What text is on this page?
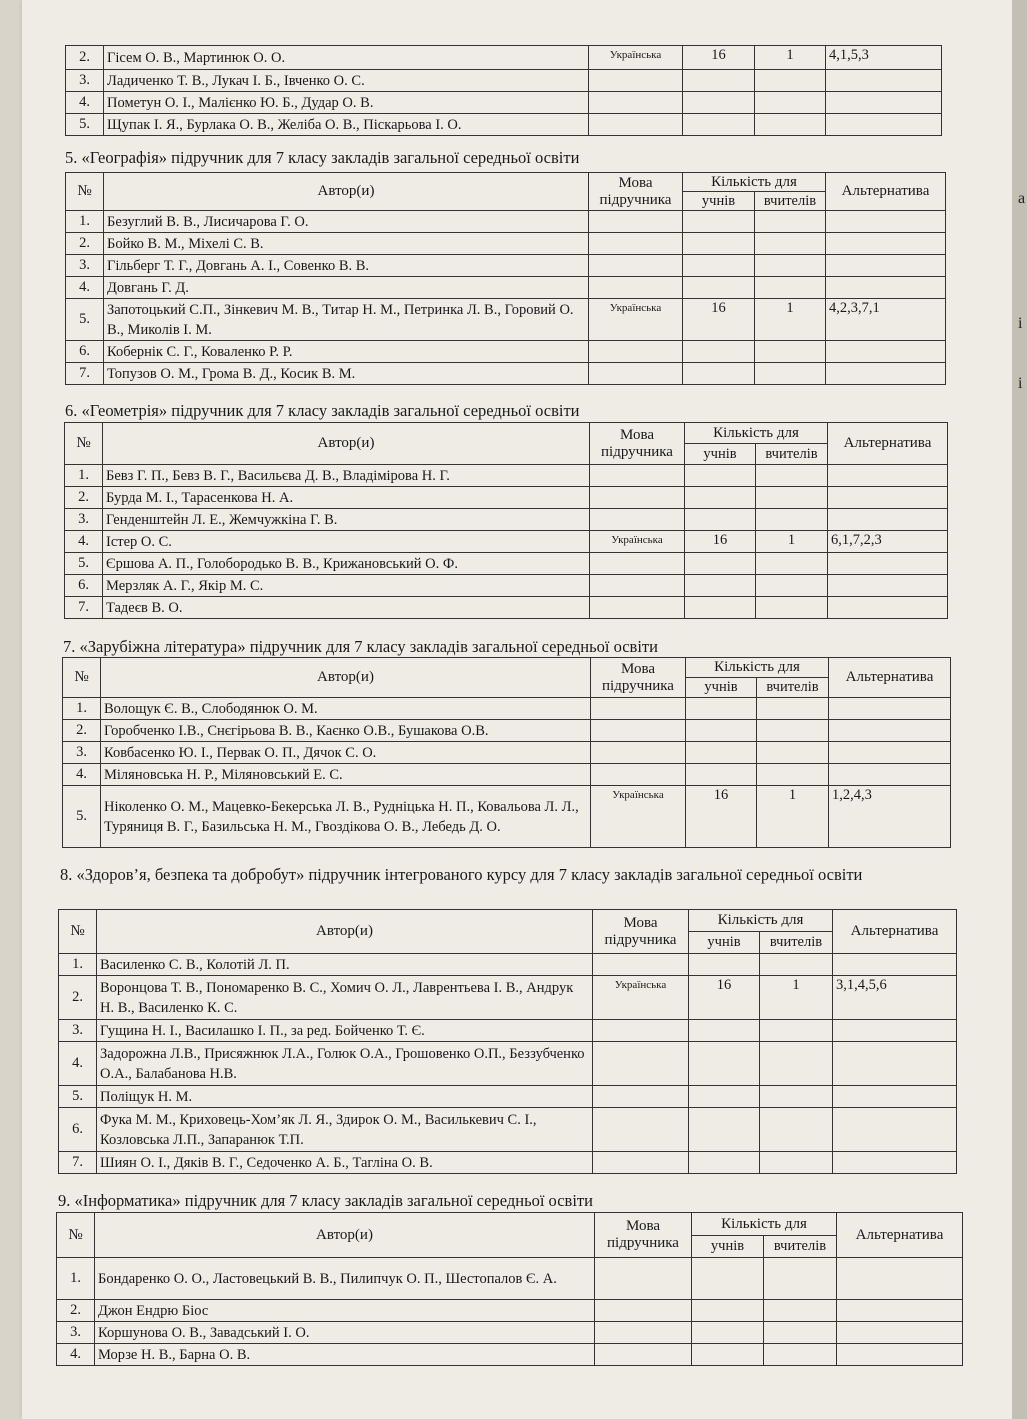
а
і
і
2.	Гісем О. В., Мартинюк О. О.	Українська	16	1	4,1,5,3
3.	Ладиченко Т. В., Лукач І. Б., Івченко О. С.				
4.	Пометун О. І., Малієнко Ю. Б., Дудар О. В.				
5.	Щупак І. Я., Бурлака О. В., Желіба О. В., Піскарьова І. О.				
5. «Географія» підручник для 7 класу закладів загальної середньої освіти
№	Автор(и)	Мова підручника	Кількість для		Альтернатива
			учнів	вчителів	
1.	Безуглий В. В., Лисичарова Г. О.				
2.	Бойко В. М., Міхелі С. В.				
3.	Гільберг Т. Г., Довгань А. І., Совенко В. В.				
4.	Довгань Г. Д.				
5.	Запотоцький С.П., Зінкевич М. В., Титар Н. М., Петринка Л. В., Горовий О. В., Миколів І. М.	Українська	16	1	4,2,3,7,1
6.	Кобернік С. Г., Коваленко Р. Р.				
7.	Топузов О. М., Грома В. Д., Косик В. М.				
6. «Геометрія» підручник для 7 класу закладів загальної середньої освіти
№	Автор(и)	Мова підручника	Кількість для		Альтернатива
			учнів	вчителів	
1.	Бевз Г. П., Бевз В. Г., Васильєва Д. В., Владімірова Н. Г.				
2.	Бурда М. І., Тарасенкова Н. А.				
3.	Генденштейн Л. Е., Жемчужкіна Г. В.				
4.	Істер О. С.	Українська	16	1	6,1,7,2,3
5.	Єршова А. П., Голобородько В. В., Крижановський О. Ф.				
6.	Мерзляк А. Г., Якір М. С.				
7.	Тадеєв В. О.				
7. «Зарубіжна література» підручник для 7 класу закладів загальної середньої освіти
№	Автор(и)	Мова підручника	Кількість для		Альтернатива
			учнів	вчителів	
1.	Волощук Є. В., Слободянюк О. М.				
2.	Горобченко І.В., Снєгірьова В. В., Каєнко О.В., Бушакова О.В.				
3.	Ковбасенко Ю. І., Первак О. П., Дячок С. О.				
4.	Міляновська Н. Р., Міляновський Е. С.				
5.	Ніколенко О. М., Мацевко-Бекерська Л. В., Рудніцька Н. П., Ковальова Л. Л., Туряниця В. Г., Базильська Н. М., Гвоздікова О. В., Лебедь Д. О.	Українська	16	1	1,2,4,3
8. «Здоров’я, безпека та добробут» підручник інтегрованого курсу для 7 класу закладів загальної середньої освіти
№	Автор(и)	Мова підручника	Кількість для		Альтернатива
			учнів	вчителів	
1.	Василенко С. В., Колотій Л. П.				
2.	Воронцова Т. В., Пономаренко В. С., Хомич О. Л., Лаврентьева І. В., Андрук Н. В., Василенко К. С.	Українська	16	1	3,1,4,5,6
3.	Гущина Н. І., Василашко І. П., за ред. Бойченко Т. Є.				
4.	Задорожна Л.В., Присяжнюк Л.А., Голюк О.А., Грошовенко О.П., Беззубченко О.А., Балабанова Н.В.				
5.	Поліщук Н. М.				
6.	Фука М. М., Криховець-Хом’як Л. Я., Здирок О. М., Василькевич С. І., Козловська Л.П., Запаранюк Т.П.				
7.	Шиян О. І., Дяків В. Г., Седоченко А. Б., Тагліна О. В.				
9. «Інформатика» підручник для 7 класу закладів загальної середньої освіти
№	Автор(и)	Мова підручника	Кількість для		Альтернатива
			учнів	вчителів	
1.	Бондаренко О. О., Ластовецький В. В., Пилипчук О. П., Шестопалов Є. А.				
2.	Джон Ендрю Біос				
3.	Коршунова О. В., Завадський І. О.				
4.	Морзе Н. В., Барна О. В.				
